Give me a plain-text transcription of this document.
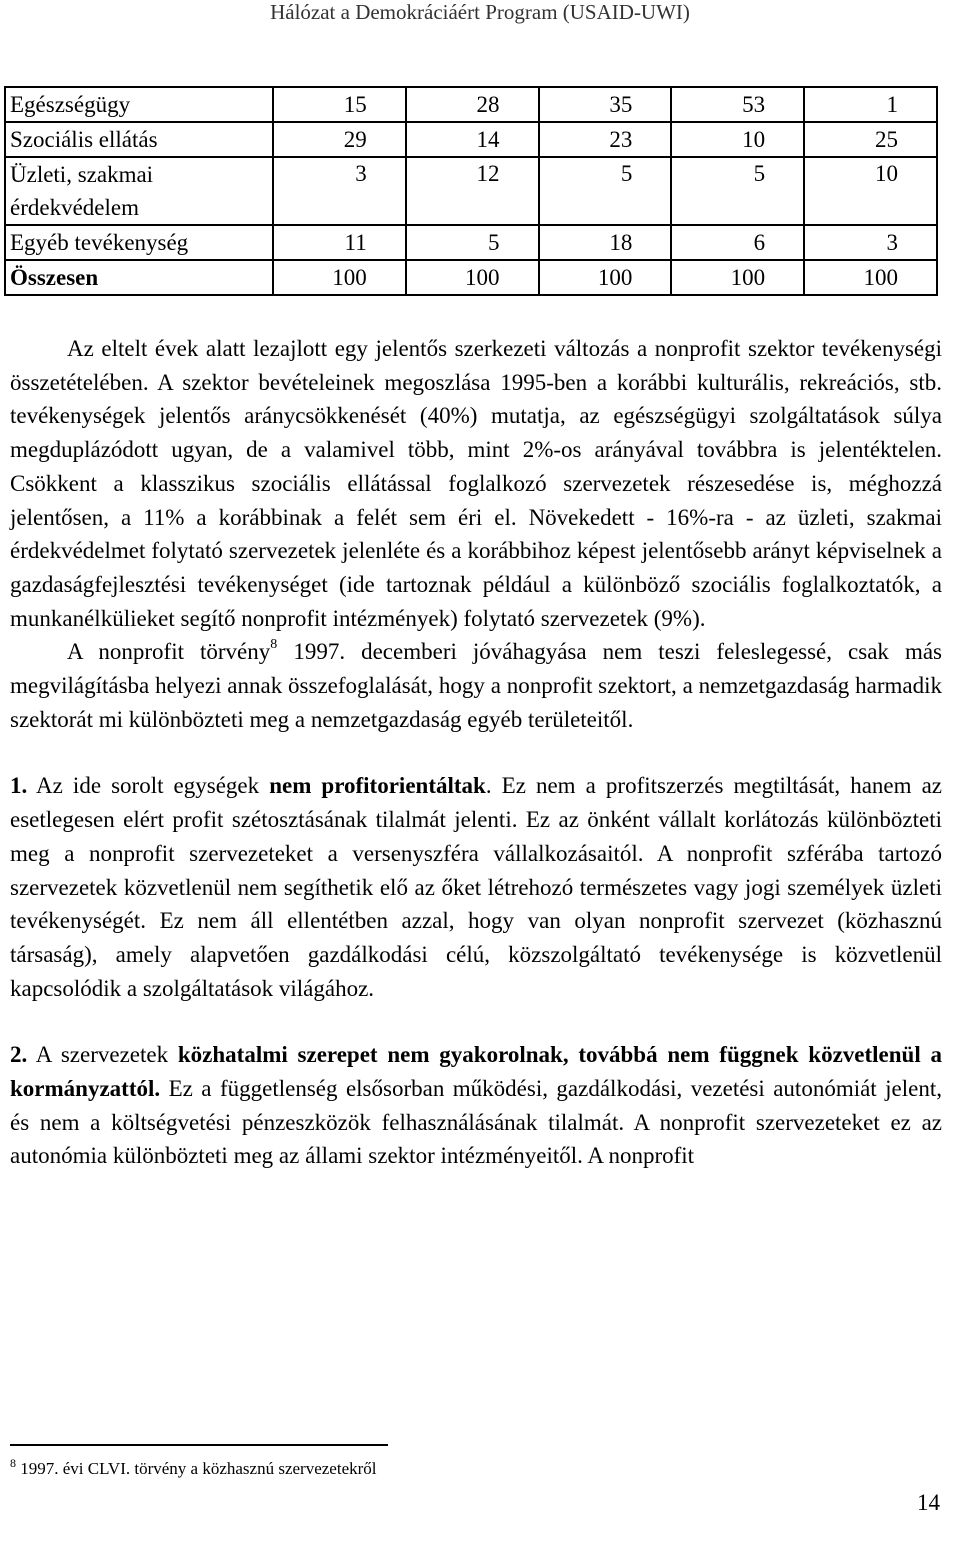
Hálózat a Demokráciáért Program (USAID-UWI)
Egészségügy	15	28	35	53	1
Szociális ellátás	29	14	23	10	25
Üzleti, szakmai
érdekvédelem	3	12	5	5	10
Egyéb tevékenység	11	5	18	6	3
Összesen	100	100	100	100	100

Az eltelt évek alatt lezajlott egy jelentős szerkezeti változás a nonprofit szektor tevékenységi összetételében. A szektor bevételeinek megoszlása 1995-ben a korábbi kulturális, rekreációs, stb. tevékenységek jelentős aránycsökkenését (40%) mutatja, az egészségügyi szolgáltatások súlya megduplázódott ugyan, de a valamivel több, mint 2%-os arányával továbbra is jelentéktelen. Csökkent a klasszikus szociális ellátással foglalkozó szervezetek részesedése is, méghozzá jelentősen, a 11% a korábbinak a felét sem éri el. Növekedett - 16%-ra - az üzleti, szakmai érdekvédelmet folytató szervezetek jelenléte és a korábbihoz képest jelentősebb arányt képviselnek a gazdaságfejlesztési tevékenységet (ide tartoznak például a különböző szociális foglalkoztatók, a munkanélkülieket segítő nonprofit intézmények) folytató szervezetek (9%).

A nonprofit törvény$^8$ 1997. decemberi jóváhagyása nem teszi feleslegessé, csak más megvilágításba helyezi annak összefoglalását, hogy a nonprofit szektort, a nemzetgazdaság harmadik szektorát mi különbözteti meg a nemzetgazdaság egyéb területeitől.

1. Az ide sorolt egységek nem profitorientáltak. Ez nem a profitszerzés megtiltását, hanem az esetlegesen elért profit szétosztásának tilalmát jelenti. Ez az önként vállalt korlátozás különbözteti meg a nonprofit szervezeteket a versenyszféra vállalkozásaitól. A nonprofit szférába tartozó szervezetek közvetlenül nem segíthetik elő az őket létrehozó természetes vagy jogi személyek üzleti tevékenységét. Ez nem áll ellentétben azzal, hogy van olyan nonprofit szervezet (közhasznú társaság), amely alapvetően gazdálkodási célú, közszolgáltató tevékenysége is közvetlenül kapcsolódik a szolgáltatások világához.

2. A szervezetek közhatalmi szerepet nem gyakorolnak, továbbá nem függnek közvetlenül a kormányzattól. Ez a függetlenség elsősorban működési, gazdálkodási, vezetési autonómiát jelent, és nem a költségvetési pénzeszközök felhasználásának tilalmát. A nonprofit szervezeteket ez az autonómia különbözteti meg az állami szektor intézményeitől. A nonprofit

$^8$ 1997. évi CLVI. törvény a közhasznú szervezetekről
14
